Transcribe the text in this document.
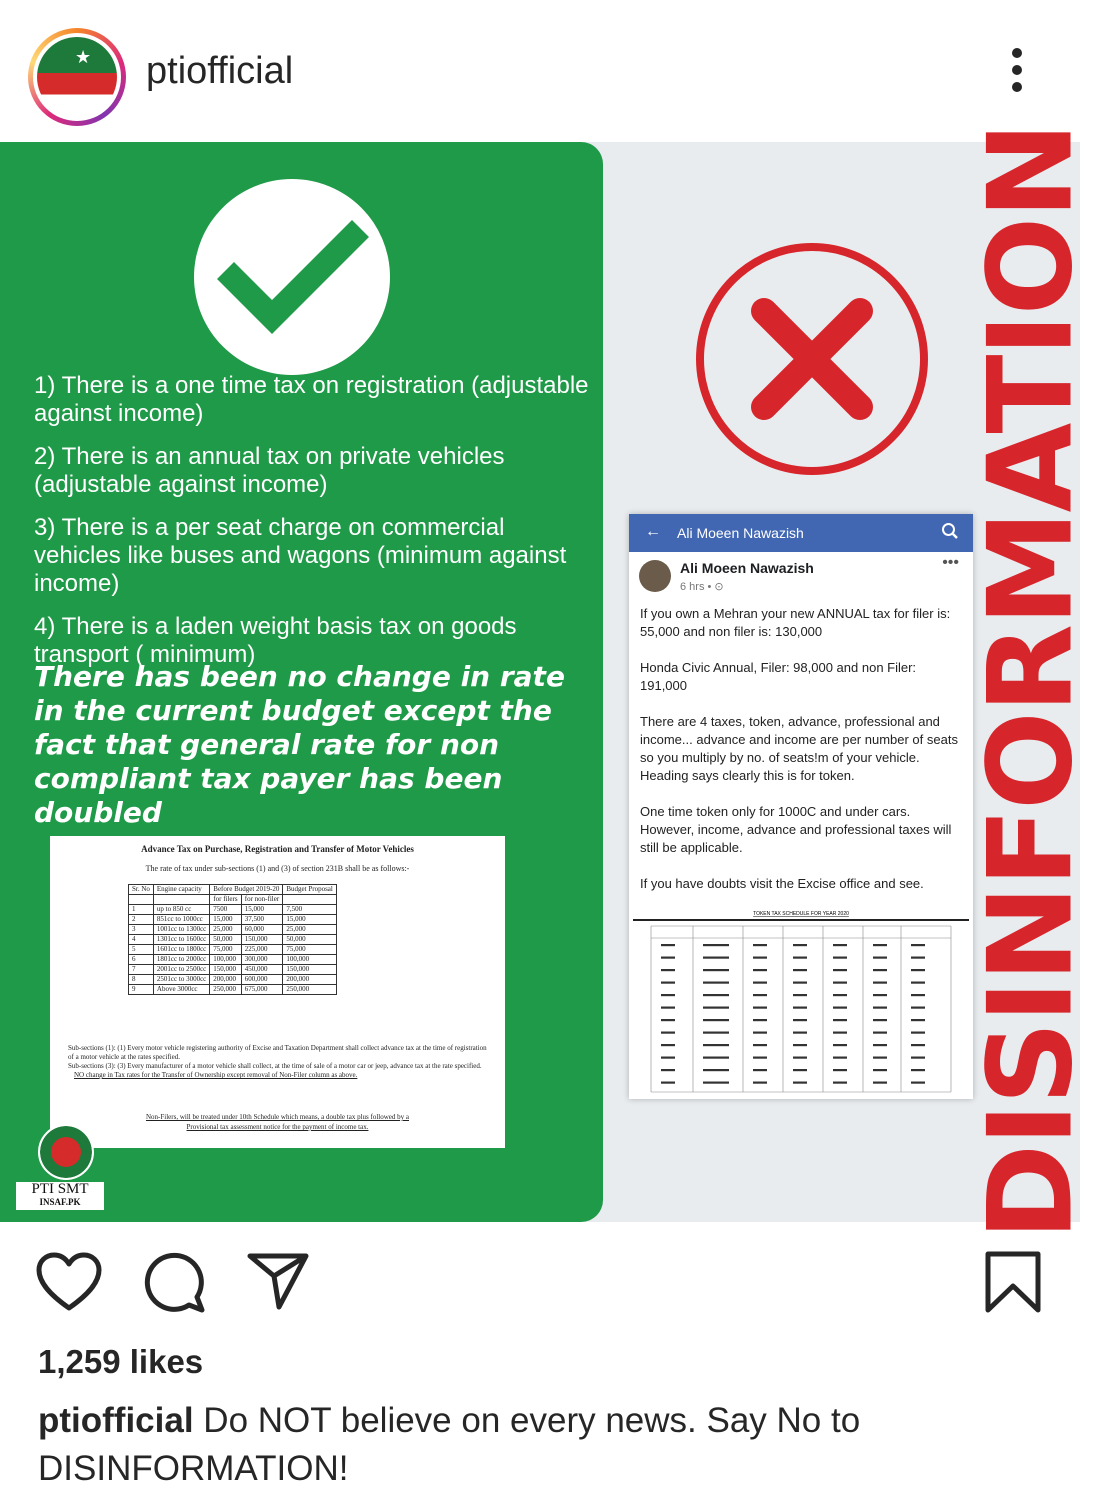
★ ptiofficial

1) There is a one time tax on registration (adjustable against income)

2) There is an annual tax on private vehicles (adjustable against income)

3) There is a per seat charge on commercial vehicles like buses and wagons (minimum against income)

4) There is a laden weight basis tax on goods transport ( minimum)

There has been no change in rate in the current budget except the fact that general rate for non compliant tax payer has been doubled
Advance Tax on Purchase, Registration and Transfer of Motor Vehicles
The rate of tax under sub-sections (1) and (3) of section 231B shall be as follows:-
Sr. No	Engine capacity	Before Budget 2019-20		Budget Proposal
		for filers	for non-filer	
1	up to 850 cc	7500	15,000	7,500
2	851cc to 1000cc	15,000	37,500	15,000
3	1001cc to 1300cc	25,000	60,000	25,000
4	1301cc to 1600cc	50,000	150,000	50,000
5	1601cc to 1800cc	75,000	225,000	75,000
6	1801cc to 2000cc	100,000	300,000	100,000
7	2001cc to 2500cc	150,000	450,000	150,000
8	2501cc to 3000cc	200,000	600,000	200,000
9	Above 3000cc	250,000	675,000	250,000
Sub-sections (1): (1) Every motor vehicle registering authority of Excise and Taxation Department shall collect advance tax at the time of registration of a motor vehicle at the rates specified.
Sub-sections (3): (3) Every manufacturer of a motor vehicle shall collect, at the time of sale of a motor car or jeep, advance tax at the rate specified.
NO change in Tax rates for the Transfer of Ownership except removal of Non-Filer column as above.
Non-Filers, will be treated under 10th Schedule which means, a double tax plus followed by a
Provisional tax assessment notice for the payment of income tax.
PTI SMT
INSAF.PK
← Ali Moeen Nawazish
Ali Moeen Nawazish
6 hrs • ⊙
•••

If you own a Mehran your new ANNUAL tax for filer is: 55,000 and non filer is: 130,000

Honda Civic Annual, Filer: 98,000 and non Filer: 191,000

There are 4 taxes, token, advance, professional and income... advance and income are per number of seats so you multiply by no. of seats!m of your vehicle. Heading says clearly this is for token.

One time token only for 1000C and under cars. However, income, advance and professional taxes will still be applicable.

If you have doubts visit the Excise office and see.

TOKEN TAX SCHEDULE FOR YEAR 2020 DISINFORMATION
1,259 likes
ptiofficial Do NOT believe on every news. Say No to DISINFORMATION!
